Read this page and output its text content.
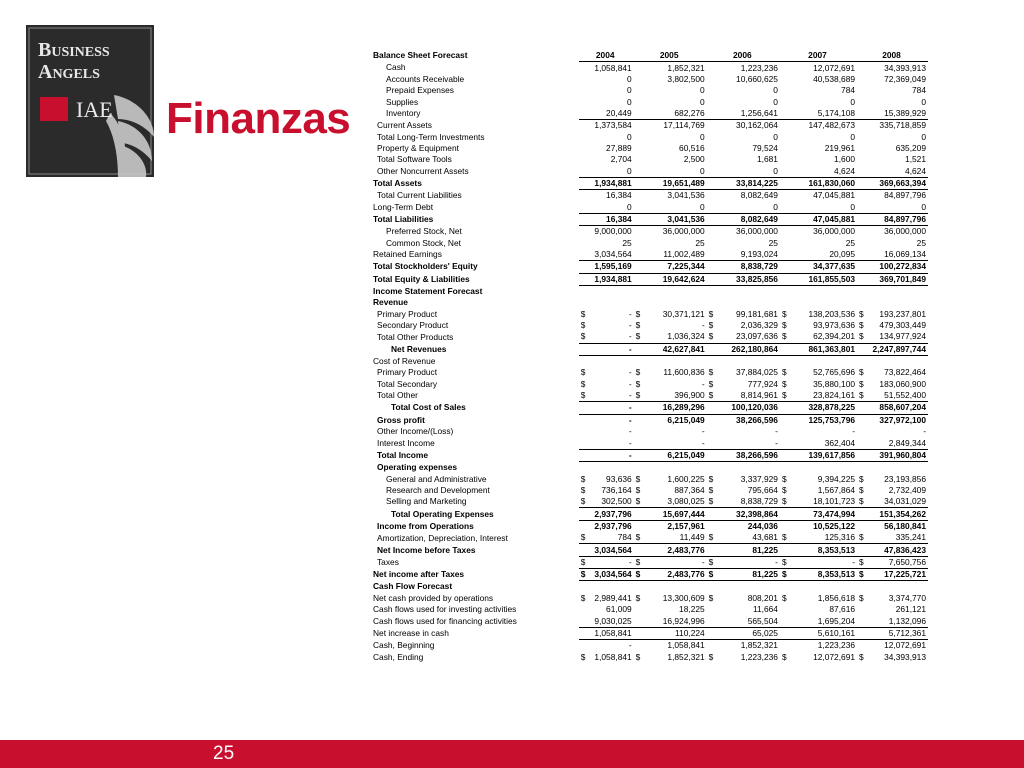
Business
Angels
IAE Finanzas
Balance Sheet Forecast		2004	2005	2006	2007	2008
Cash		1,058,841	1,852,321	1,223,236	12,072,691	34,393,913
Accounts Receivable		0	3,802,500	10,660,625	40,538,689	72,369,049
Prepaid Expenses		0	0	0	784	784
Supplies		0	0	0	0	0
Inventory		20,449	682,276	1,256,641	5,174,108	15,389,929
Current Assets		1,373,584	17,114,769	30,162,064	147,482,673	335,718,859
Total Long-Term Investments		0	0	0	0	0
Property & Equipment		27,889	60,516	79,524	219,961	635,209
Total Software Tools		2,704	2,500	1,681	1,600	1,521
Other Noncurrent Assets		0	0	0	4,624	4,624
Total Assets		1,934,881	19,651,489	33,814,225	161,830,060	369,663,394
Total Current Liabilities		16,384	3,041,536	8,082,649	47,045,881	84,897,796
Long-Term Debt		0	0	0	0	0
Total Liabilities		16,384	3,041,536	8,082,649	47,045,881	84,897,796
Preferred Stock, Net		9,000,000	36,000,000	36,000,000	36,000,000	36,000,000
Common Stock, Net		25	25	25	25	25
Retained Earnings		3,034,564	11,002,489	9,193,024	20,095	16,069,134
Total Stockholders' Equity		1,595,169	7,225,344	8,838,729	34,377,635	100,272,834
Total Equity & Liabilities		1,934,881	19,642,624	33,825,856	161,855,503	369,701,849
Income Statement Forecast						
Revenue						
Primary Product		$ -	$ 30,371,121	$ 99,181,681	$ 138,203,536	$ 193,237,801
Secondary Product		$ -	$ -	$ 2,036,329	$ 93,973,636	$ 479,303,449
Total Other Products		$ -	$ 1,036,324	$ 23,097,636	$ 62,394,201	$ 134,977,924
Net Revenues		-	42,627,841	262,180,864	861,363,801	2,247,897,744
Cost of Revenue						
Primary Product		$ -	$ 11,600,836	$ 37,884,025	$ 52,765,696	$ 73,822,464
Total Secondary		$ -	$ -	$ 777,924	$ 35,880,100	$ 183,060,900
Total Other		$ -	$ 396,900	$ 8,814,961	$ 23,824,161	$ 51,552,400
Total Cost of Sales		-	16,289,296	100,120,036	328,878,225	858,607,204
Gross profit		-	6,215,049	38,266,596	125,753,796	327,972,100
Other Income/(Loss)		-	-	-	-	-
Interest Income		-	-	-	362,404	2,849,344
Total Income		-	6,215,049	38,266,596	139,617,856	391,960,804
Operating expenses						
General and Administrative		$ 93,636	$ 1,600,225	$ 3,337,929	$ 9,394,225	$ 23,193,856
Research and Development		$ 736,164	$ 887,364	$ 795,664	$ 1,567,864	$ 2,732,409
Selling and Marketing		$ 302,500	$ 3,080,025	$ 8,838,729	$ 18,101,723	$ 34,031,029
Total Operating Expenses		2,937,796	15,697,444	32,398,864	73,474,994	151,354,262
Income from Operations		2,937,796	2,157,961	244,036	10,525,122	56,180,841
Amortization, Depreciation, Interest		$ 784	$ 11,449	$ 43,681	$ 125,316	$ 335,241
Net Income before Taxes		3,034,564	2,483,776	81,225	8,353,513	47,836,423
Taxes		$ -	$ -	$ -	$ -	$ 7,650,756
Net income after Taxes		$ 3,034,564	$ 2,483,776	$ 81,225	$ 8,353,513	$ 17,225,721
Cash Flow Forecast						
Net cash provided by operations		$ 2,989,441	$ 13,300,609	$ 808,201	$ 1,856,618	$ 3,374,770
Cash flows used for investing activities		61,009	18,225	11,664	87,616	261,121
Cash flows used for financing activities		9,030,025	16,924,996	565,504	1,695,204	1,132,096
Net increase in cash		1,058,841	110,224	65,025	5,610,161	5,712,361
Cash, Beginning		-	1,058,841	1,852,321	1,223,236	12,072,691
Cash, Ending		$ 1,058,841	$ 1,852,321	$ 1,223,236	$ 12,072,691	$ 34,393,913
25
